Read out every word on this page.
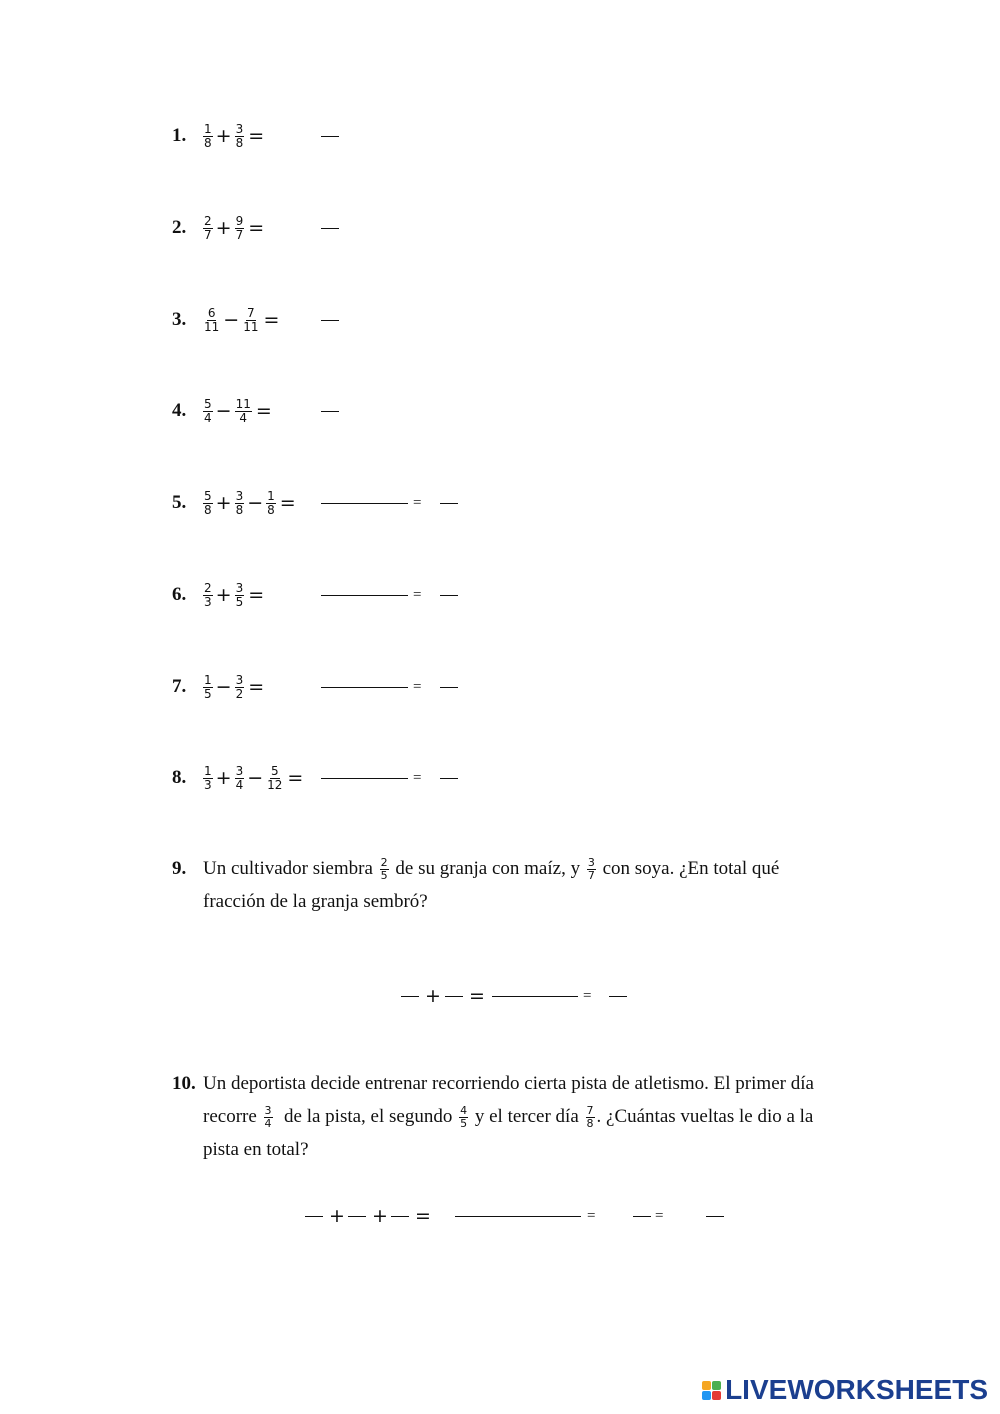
1. $\frac{1}{8} + \frac{3}{8}$ =
2. $\frac{2}{7} + \frac{9}{7}$ =
3. $\frac{6}{11} - \frac{7}{11}$ =
4. $\frac{5}{4} - \frac{11}{4}$ =
5. $\frac{5}{8} + \frac{3}{8} - \frac{1}{8}$ =
6. $\frac{2}{3} + \frac{3}{5}$ =
7. $\frac{1}{5} - \frac{3}{2}$ =
8. $\frac{1}{3} + \frac{3}{4} - \frac{5}{12}$ =
9. Un cultivador siembra $\frac{2}{5}$ de su granja con maíz, y $\frac{3}{7}$ con soya. ¿En total qué
fracción de la granja sembró?
+ =	=
10. Un deportista decide entrenar recorriendo cierta pista de atletismo. El primer día
recorre $\frac{3}{4}$ de la pista, el segundo $\frac{4}{5}$ y el tercer día $\frac{7}{8}$ . ¿Cuántas vueltas le dio a la
pista en total?
+ + =	=	=
LIVEWORKSHEETS
=
=
=
=
